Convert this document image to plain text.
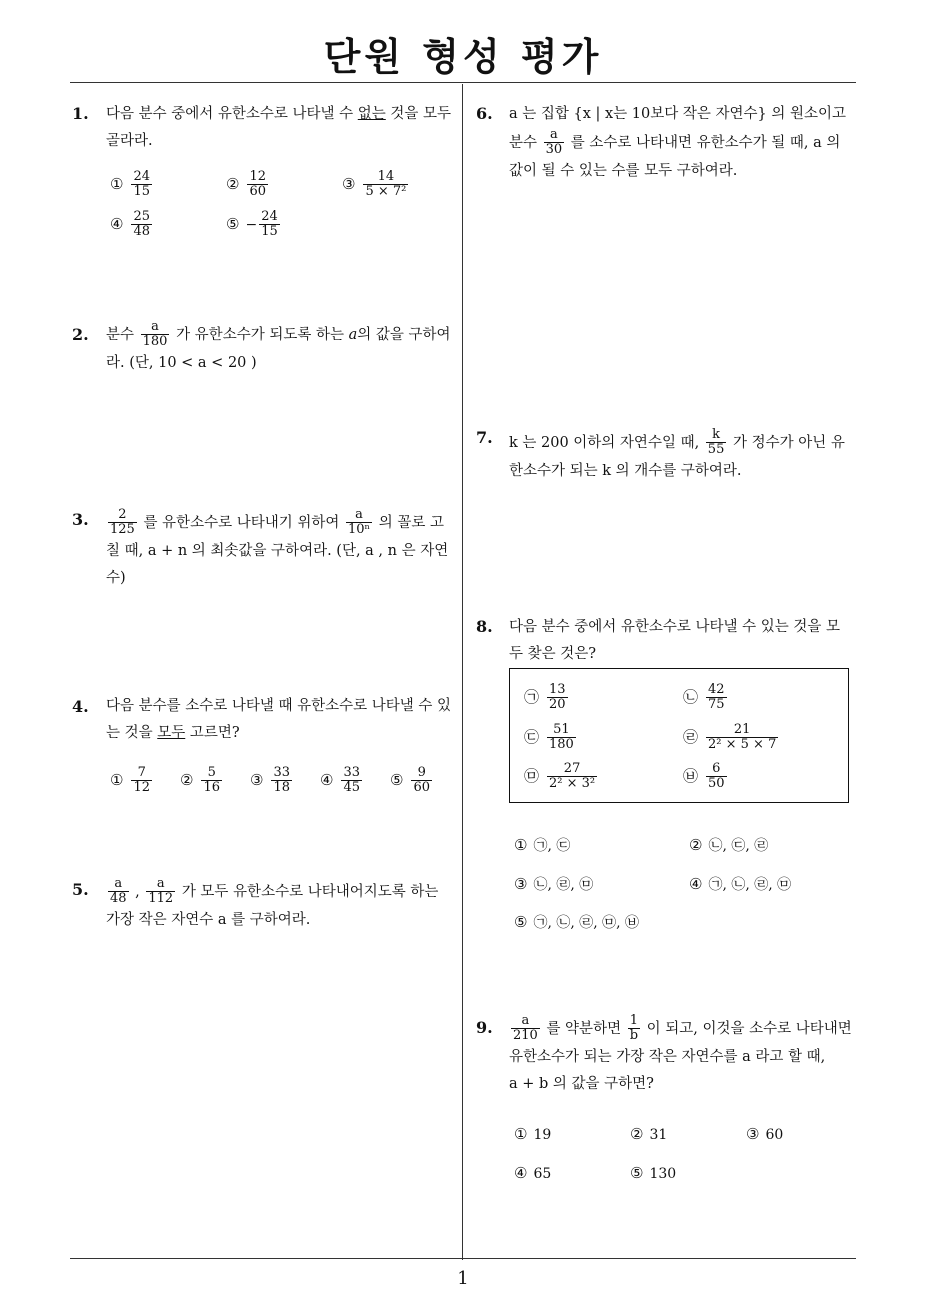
단원 형성 평가
1
1. 다음 분수 중에서 유한소수로 나타낼 수 없는 것을 모두 골라라.
① $\frac{24}{15}$	② $\frac{12}{60}$	③ $\frac{14}{\text{5 × 7²}}$
④ $\frac{25}{48}$	⑤ − $\frac{24}{15}$
2. 분수 $\frac{a}{180}$ 가 유한소수가 되도록 하는 a의 값을 구하여라. (단, 10 < a < 20 )
3. $\frac{2}{125}$ 를 유한소수로 나타내기 위하여 $\frac{a}{\text{10ⁿ}}$ 의 꼴로 고칠 때, a + n 의 최솟값을 구하여라. (단, a , n 은 자연수)
4. 다음 분수를 소수로 나타낼 때 유한소수로 나타낼 수 있는 것을 모두 고르면?
① $\frac{7}{12}$ ② $\frac{5}{16}$ ③ $\frac{33}{18}$ ④ $\frac{33}{45}$ ⑤ $\frac{9}{60}$
5. $\frac{a}{48}$ , $\frac{a}{112}$ 가 모두 유한소수로 나타내어지도록 하는 가장 작은 자연수 a 를 구하여라.
6. a 는 집합 {x | x는 10보다 작은 자연수} 의 원소이고
분수 $\frac{a}{30}$ 를 소수로 나타내면 유한소수가 될 때, a 의
값이 될 수 있는 수를 모두 구하여라.
7. k 는 200 이하의 자연수일 때, $\frac{k}{55}$ 가 정수가 아닌 유
한소수가 되는 k 의 개수를 구하여라.
8. 다음 분수 중에서 유한소수로 나타낼 수 있는 것을 모
두 찾은 것은?
㉠ $\frac{13}{20}$	㉡ $\frac{42}{75}$
㉢ $\frac{51}{180}$	㉣ $\frac{21}{\text{2² × 5 × 7}}$
㉤ $\frac{27}{\text{2² × 3²}}$	㉥ $\frac{6}{50}$
① ㉠, ㉢	② ㉡, ㉢, ㉣
③ ㉡, ㉣, ㉤	④ ㉠, ㉡, ㉣, ㉤
⑤ ㉠, ㉡, ㉣, ㉤, ㉥
9. $\frac{a}{210}$ 를 약분하면 $\frac{1}{b}$ 이 되고, 이것을 소수로 나타내면
유한소수가 되는 가장 작은 자연수를 a 라고 할 때,
a + b 의 값을 구하면?
① 19	② 31	③ 60
④ 65	⑤ 130
